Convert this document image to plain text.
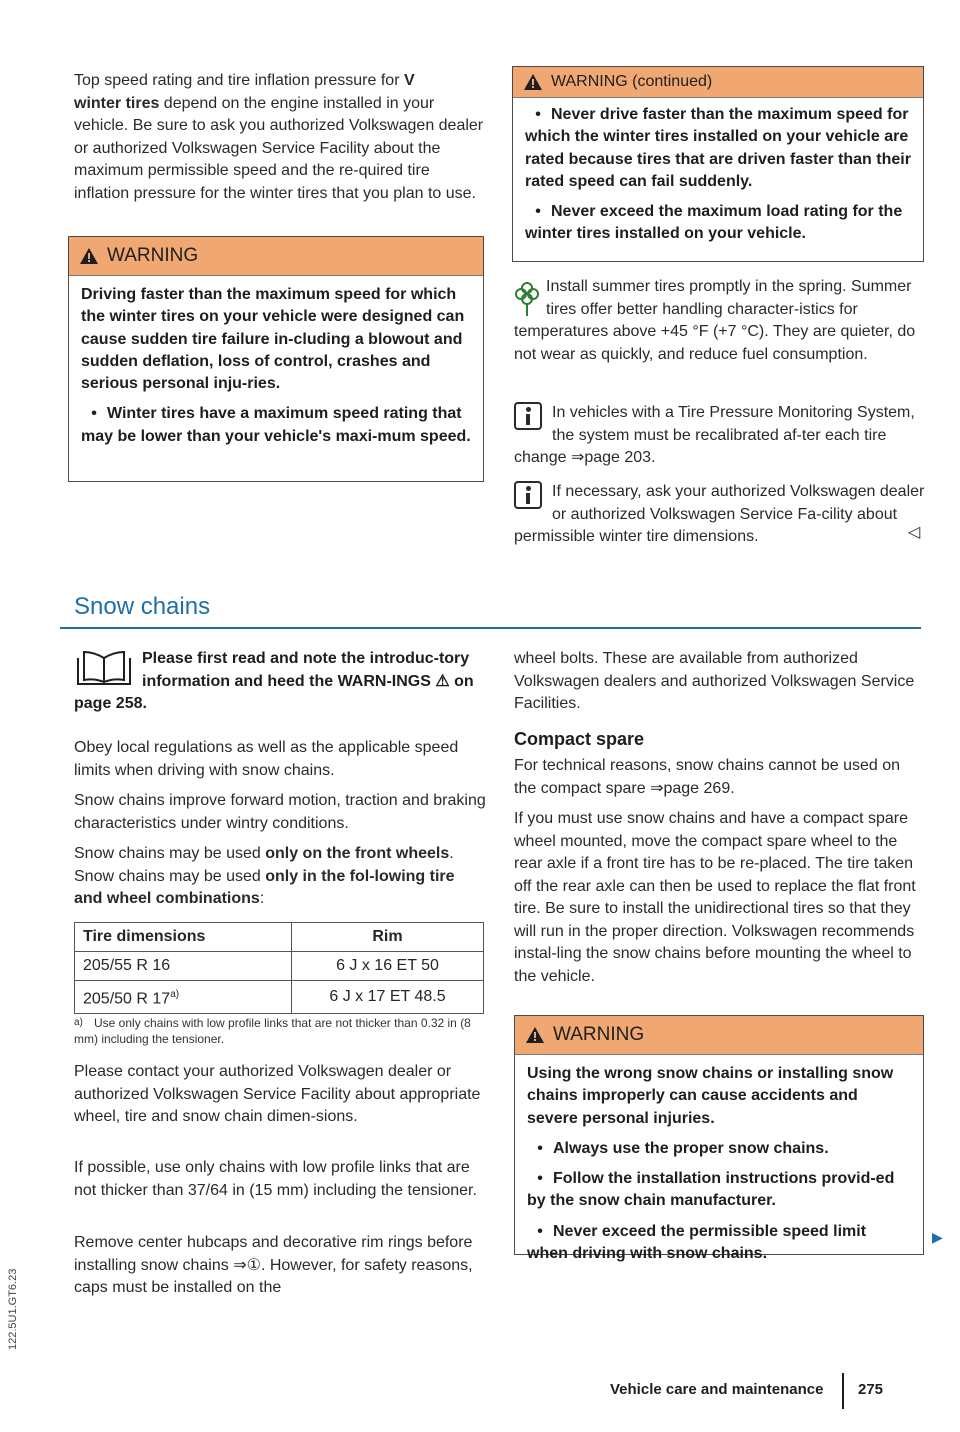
Top speed rating and tire inflation pressure for V
winter tires depend on the engine installed in your vehicle. Be sure to ask you authorized Volkswagen dealer or authorized Volkswagen Service Facility about the maximum permissible speed and the re-quired tire inflation pressure for the winter tires that you plan to use.
WARNING

Driving faster than the maximum speed for which the winter tires on your vehicle were designed can cause sudden tire failure in-cluding a blowout and sudden deflation, loss of control, crashes and serious personal inju-ries.

• Winter tires have a maximum speed rating that may be lower than your vehicle's maxi-mum speed.

WARNING (continued)

• Never drive faster than the maximum speed for which the winter tires installed on your vehicle are rated because tires that are driven faster than their rated speed can fail suddenly.

• Never exceed the maximum load rating for the winter tires installed on your vehicle.

Install summer tires promptly in the spring. Summer tires offer better handling character-istics for temperatures above +45 °F (+7 °C). They are quieter, do not wear as quickly, and reduce fuel consumption.
In vehicles with a Tire Pressure Monitoring System, the system must be recalibrated af-ter each tire change ⇒page 203.
If necessary, ask your authorized Volkswagen dealer or authorized Volkswagen Service Fa-cility about permissible winter tire dimensions.	◁
Snow chains
Please first read and note the introduc-tory information and heed the WARN-INGS ⚠ on page 258.

Obey local regulations as well as the applicable speed limits when driving with snow chains.

Snow chains improve forward motion, traction and braking characteristics under wintry conditions.

Snow chains may be used only on the front wheels. Snow chains may be used only in the fol-lowing tire and wheel combinations:
Tire dimensions	Rim
205/55 R 16	6 J x 16 ET 50
205/50 R 17$^{a)}$	6 J x 17 ET 48.5
a) Use only chains with low profile links that are not thicker than 0.32 in (8 mm) including the tensioner.

Please contact your authorized Volkswagen dealer or authorized Volkswagen Service Facility about appropriate wheel, tire and snow chain dimen-sions.

If possible, use only chains with low profile links that are not thicker than 37/64 in (15 mm) including the tensioner.

Remove center hubcaps and decorative rim rings before installing snow chains ⇒①. However, for safety reasons, caps must be installed on the

wheel bolts. These are available from authorized Volkswagen dealers and authorized Volkswagen Service Facilities.

Compact spare

For technical reasons, snow chains cannot be used on the compact spare ⇒page 269.

If you must use snow chains and have a compact spare wheel mounted, move the compact spare wheel to the rear axle if a front tire has to be re-placed. The tire taken off the rear axle can then be used to replace the flat front tire. Be sure to install the unidirectional tires so that they will run in the proper direction. Volkswagen recommends instal-ling the snow chains before mounting the wheel to the vehicle.

WARNING

Using the wrong snow chains or installing snow chains improperly can cause accidents and severe personal injuries.

• Always use the proper snow chains.

• Follow the installation instructions provid-ed by the snow chain manufacturer.

• Never exceed the permissible speed limit when driving with snow chains.

▶
Vehicle care and maintenance 275
122.5U1.GT6.23
